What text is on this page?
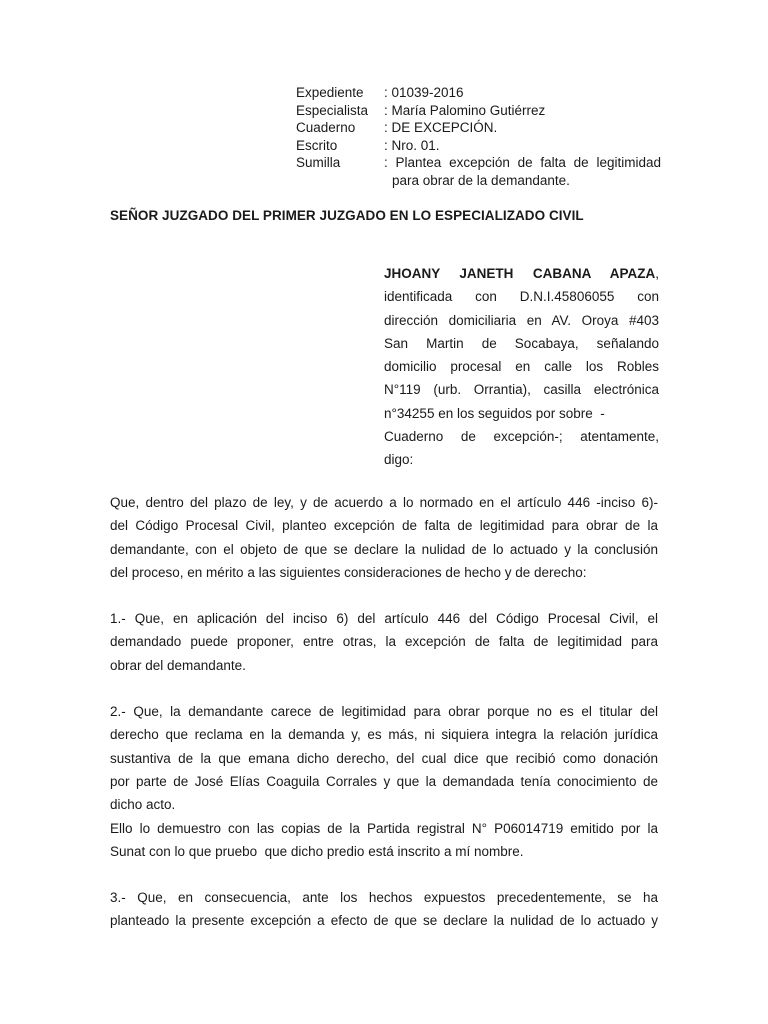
Expediente	: 01039-2016
Especialista	: María Palomino Gutiérrez
Cuaderno	: DE EXCEPCIÓN.
Escrito	: Nro. 01.
Sumilla	: Plantea excepción de falta de legitimidad
para obrar de la demandante.
SEÑOR JUZGADO DEL PRIMER JUZGADO EN LO ESPECIALIZADO CIVIL
JHOANY JANETH CABANA APAZA,
identificada con D.N.I.45806055 con
dirección domiciliaria en AV. Oroya #403
San Martin de Socabaya, señalando
domicilio procesal en calle los Robles
N°119 (urb. Orrantia), casilla electrónica
n°34255 en los seguidos por sobre  -
Cuaderno de excepción-; atentamente,
digo:

Que, dentro del plazo de ley, y de acuerdo a lo normado en el artículo 446 -inciso 6)-
del Código Procesal Civil, planteo excepción de falta de legitimidad para obrar de la
demandante, con el objeto de que se declare la nulidad de lo actuado y la conclusión
del proceso, en mérito a las siguientes consideraciones de hecho y de derecho:

1.- Que, en aplicación del inciso 6) del artículo 446 del Código Procesal Civil, el
demandado puede proponer, entre otras, la excepción de falta de legitimidad para
obrar del demandante.

2.- Que, la demandante carece de legitimidad para obrar porque no es el titular del
derecho que reclama en la demanda y, es más, ni siquiera integra la relación jurídica
sustantiva de la que emana dicho derecho, del cual dice que recibió como donación
por parte de José Elías Coaguila Corrales y que la demandada tenía conocimiento de
dicho acto.

Ello lo demuestro con las copias de la Partida registral N° P06014719 emitido por la
Sunat con lo que pruebo  que dicho predio está inscrito a mí nombre.

3.- Que, en consecuencia, ante los hechos expuestos precedentemente, se ha
planteado la presente excepción a efecto de que se declare la nulidad de lo actuado y
